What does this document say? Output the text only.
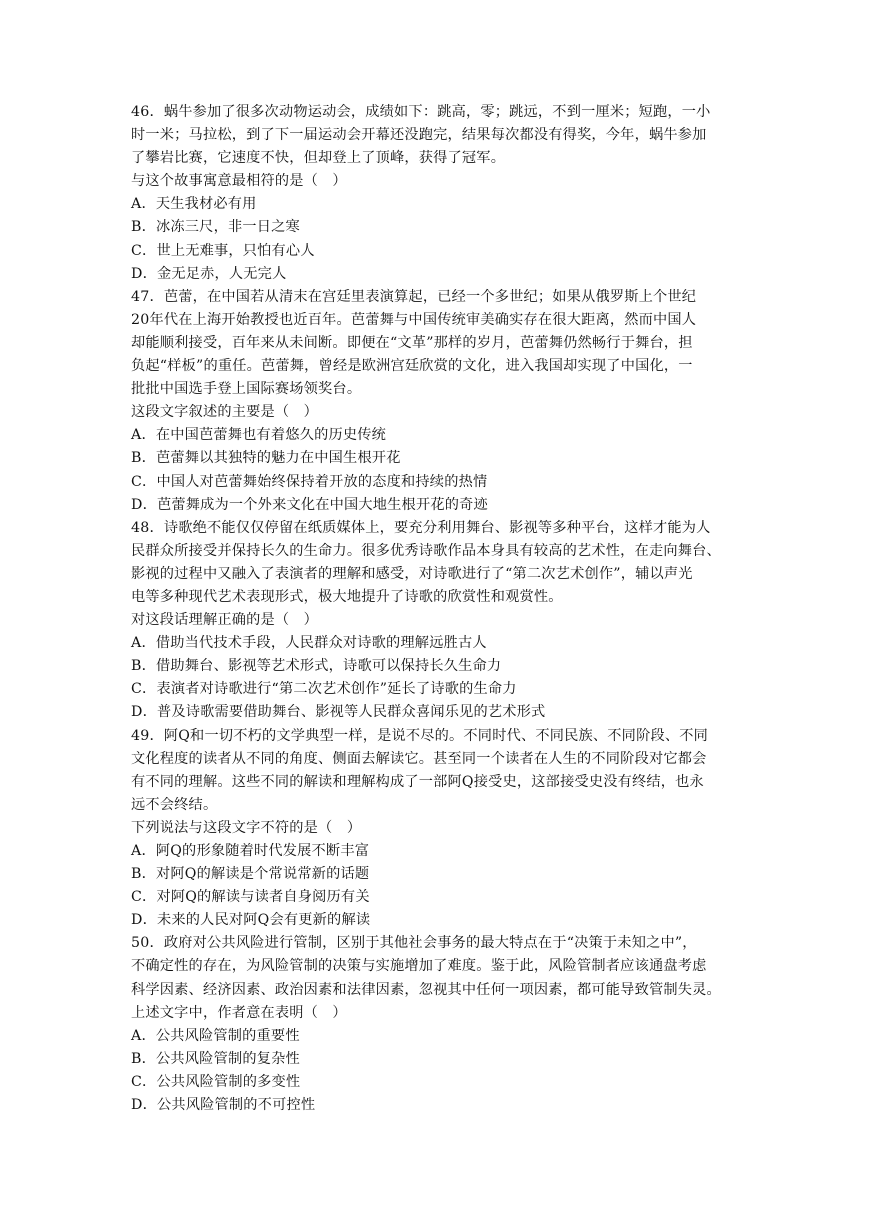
46．蜗牛参加了很多次动物运动会，成绩如下：跳高，零；跳远，不到一厘米；短跑，一小
时一米；马拉松，到了下一届运动会开幕还没跑完，结果每次都没有得奖，今年，蜗牛参加
了攀岩比赛，它速度不快，但却登上了顶峰，获得了冠军。
与这个故事寓意最相符的是（　）
A．天生我材必有用
B．冰冻三尺，非一日之寒
C．世上无难事，只怕有心人
D．金无足赤，人无完人
47．芭蕾，在中国若从清末在宫廷里表演算起，已经一个多世纪；如果从俄罗斯上个世纪
20年代在上海开始教授也近百年。芭蕾舞与中国传统审美确实存在很大距离，然而中国人
却能顺利接受，百年来从未间断。即便在“文革”那样的岁月，芭蕾舞仍然畅行于舞台，担
负起“样板”的重任。芭蕾舞，曾经是欧洲宫廷欣赏的文化，进入我国却实现了中国化，一
批批中国选手登上国际赛场领奖台。
这段文字叙述的主要是（　）
A．在中国芭蕾舞也有着悠久的历史传统
B．芭蕾舞以其独特的魅力在中国生根开花
C．中国人对芭蕾舞始终保持着开放的态度和持续的热情
D．芭蕾舞成为一个外来文化在中国大地生根开花的奇迹
48．诗歌绝不能仅仅停留在纸质媒体上，要充分利用舞台、影视等多种平台，这样才能为人
民群众所接受并保持长久的生命力。很多优秀诗歌作品本身具有较高的艺术性，在走向舞台、
影视的过程中又融入了表演者的理解和感受，对诗歌进行了“第二次艺术创作”，辅以声光
电等多种现代艺术表现形式，极大地提升了诗歌的欣赏性和观赏性。
对这段话理解正确的是（　）
A．借助当代技术手段，人民群众对诗歌的理解远胜古人
B．借助舞台、影视等艺术形式，诗歌可以保持长久生命力
C．表演者对诗歌进行“第二次艺术创作”延长了诗歌的生命力
D．普及诗歌需要借助舞台、影视等人民群众喜闻乐见的艺术形式
49．阿Q和一切不朽的文学典型一样，是说不尽的。不同时代、不同民族、不同阶段、不同
文化程度的读者从不同的角度、侧面去解读它。甚至同一个读者在人生的不同阶段对它都会
有不同的理解。这些不同的解读和理解构成了一部阿Q接受史，这部接受史没有终结，也永
远不会终结。
下列说法与这段文字不符的是（　）
A．阿Q的形象随着时代发展不断丰富
B．对阿Q的解读是个常说常新的话题
C．对阿Q的解读与读者自身阅历有关
D．未来的人民对阿Q会有更新的解读
50．政府对公共风险进行管制，区别于其他社会事务的最大特点在于“决策于未知之中”，
不确定性的存在，为风险管制的决策与实施增加了难度。鉴于此，风险管制者应该通盘考虑
科学因素、经济因素、政治因素和法律因素，忽视其中任何一项因素，都可能导致管制失灵。
上述文字中，作者意在表明（　）
A．公共风险管制的重要性
B．公共风险管制的复杂性
C．公共风险管制的多变性
D．公共风险管制的不可控性
